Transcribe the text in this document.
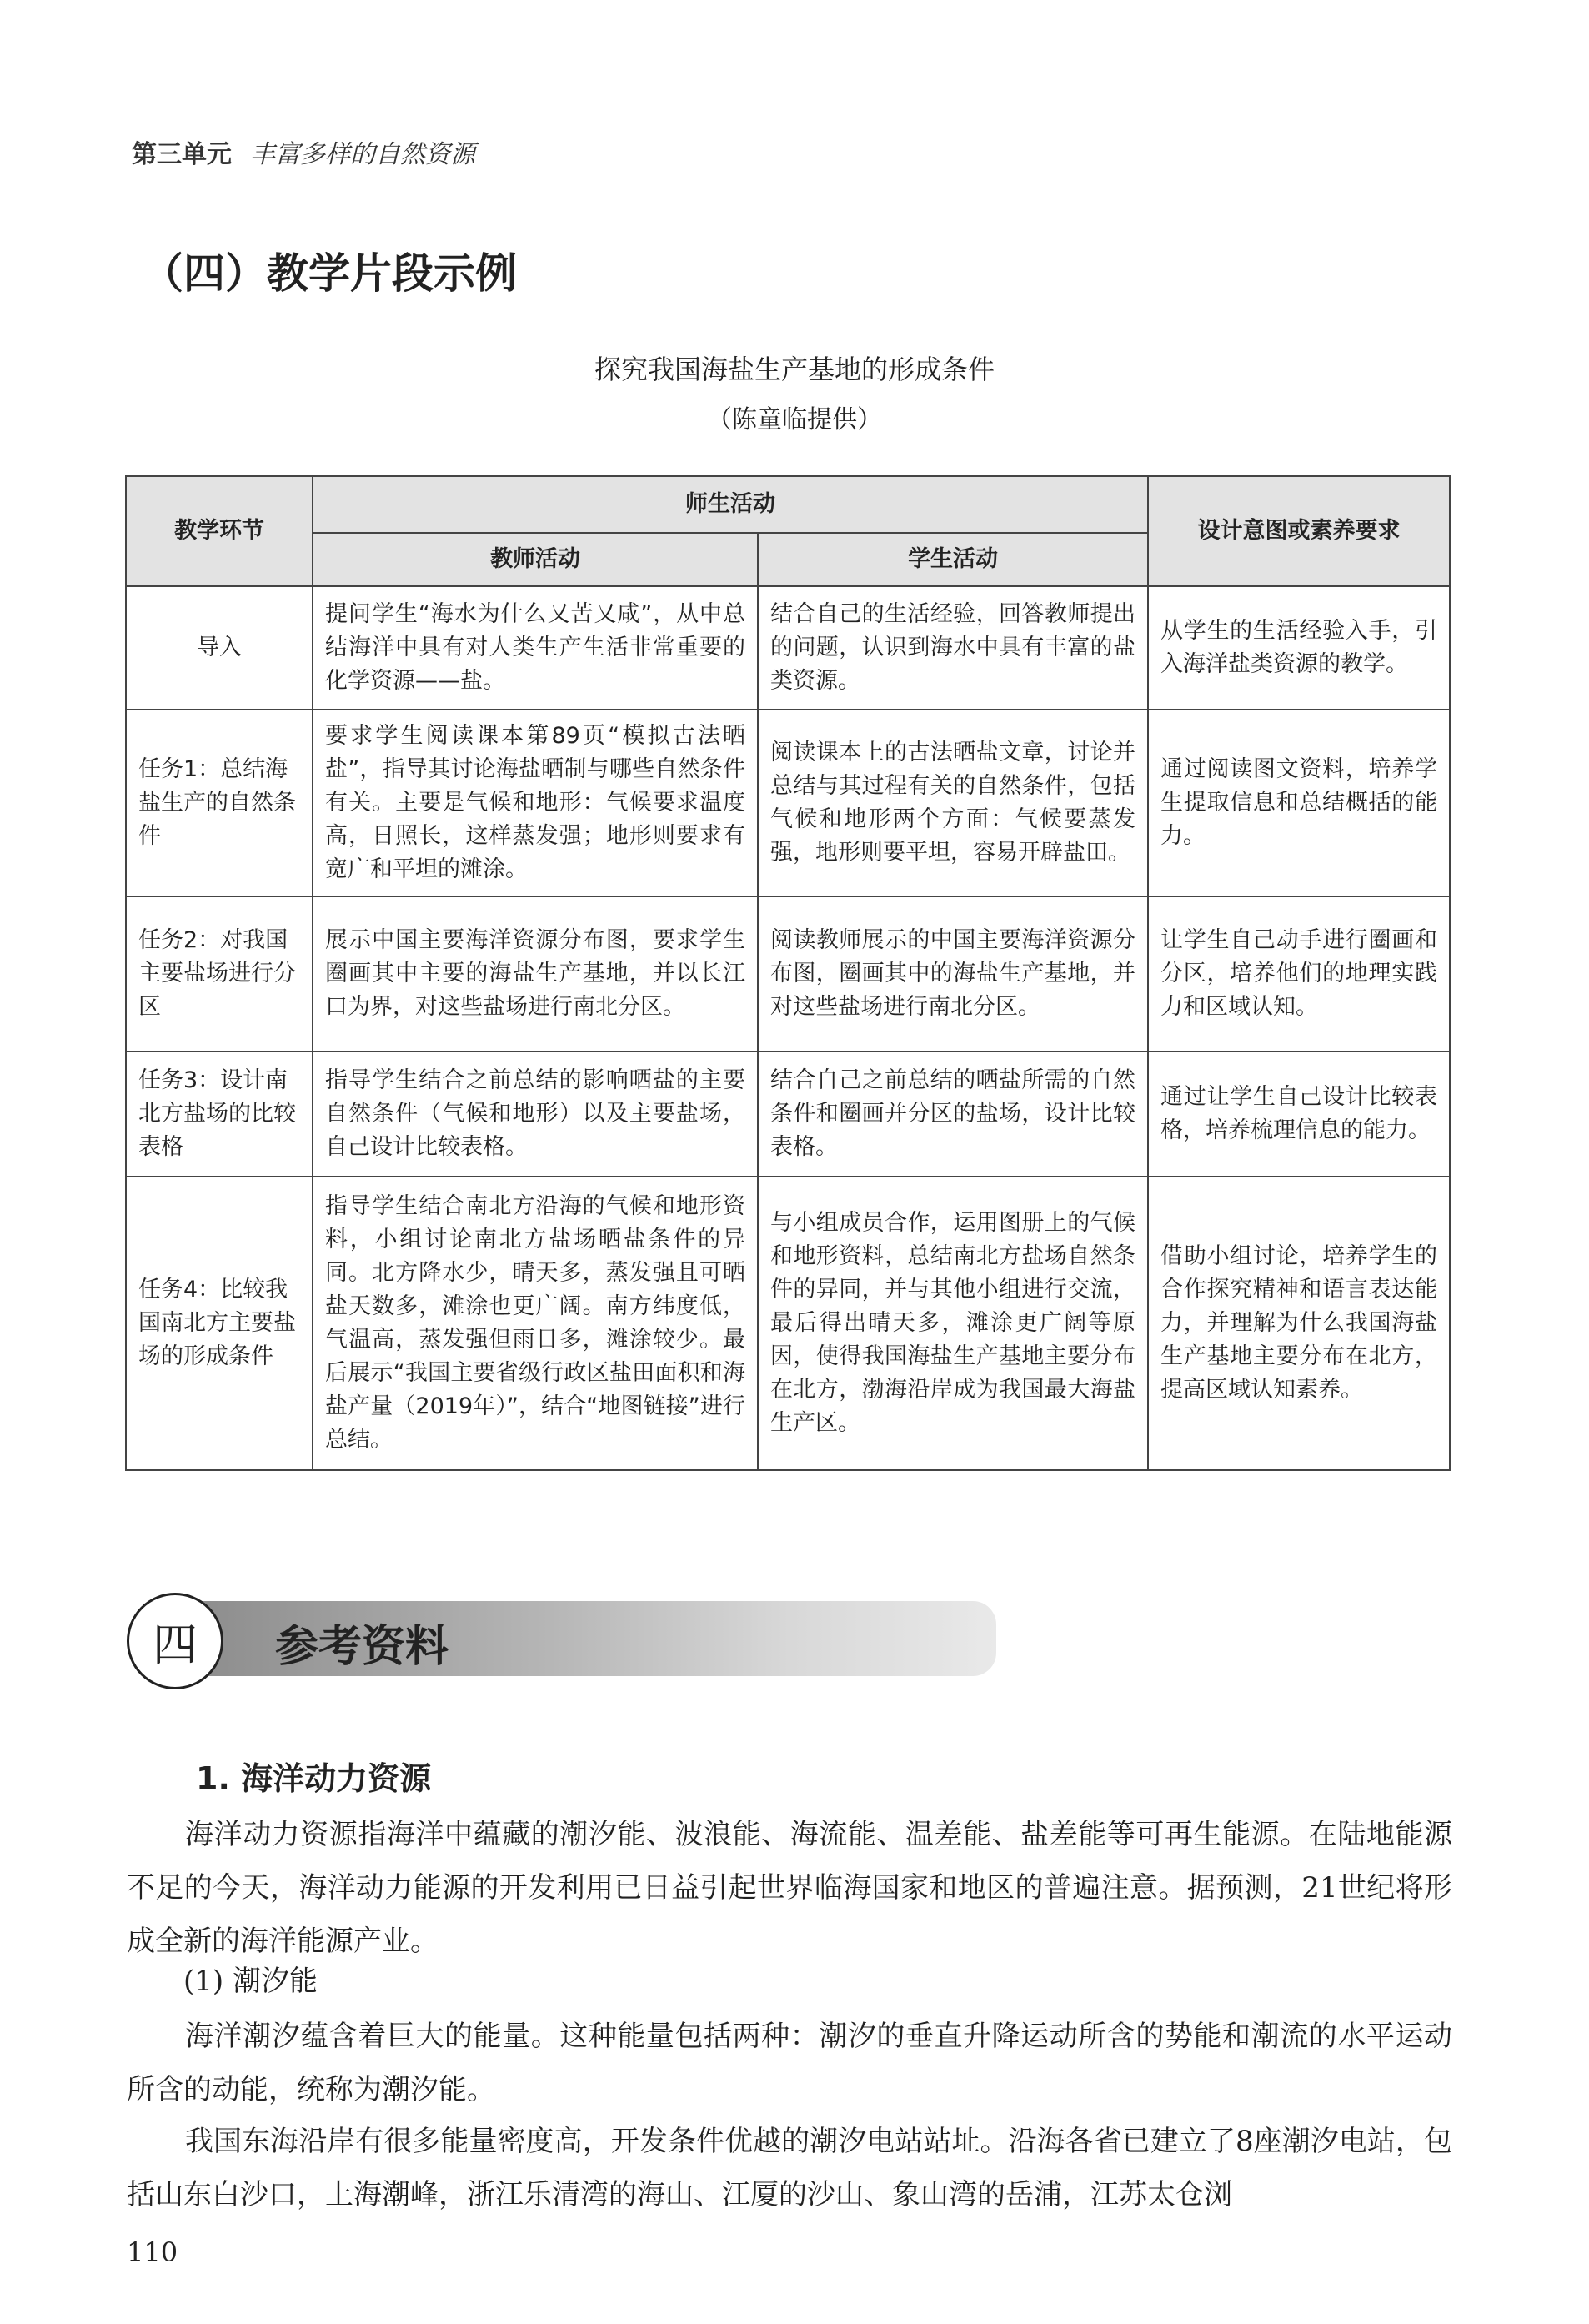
第三单元 丰富多样的自然资源
（四）教学片段示例
探究我国海盐生产基地的形成条件
（陈童临提供）
教学环节	师生活动		设计意图或素养要求
	教师活动	学生活动	
导入	提问学生“海水为什么又苦又咸”，从中总结海洋中具有对人类生产生活非常重要的化学资源——盐。	结合自己的生活经验，回答教师提出的问题，认识到海水中具有丰富的盐类资源。	从学生的生活经验入手，引入海洋盐类资源的教学。
任务1：总结海盐生产的自然条件	要求学生阅读课本第89页“模拟古法晒盐”，指导其讨论海盐晒制与哪些自然条件有关。主要是气候和地形：气候要求温度高，日照长，这样蒸发强；地形则要求有宽广和平坦的滩涂。	阅读课本上的古法晒盐文章，讨论并总结与其过程有关的自然条件，包括气候和地形两个方面：气候要蒸发强，地形则要平坦，容易开辟盐田。	通过阅读图文资料，培养学生提取信息和总结概括的能力。
任务2：对我国主要盐场进行分区	展示中国主要海洋资源分布图，要求学生圈画其中主要的海盐生产基地，并以长江口为界，对这些盐场进行南北分区。	阅读教师展示的中国主要海洋资源分布图，圈画其中的海盐生产基地，并对这些盐场进行南北分区。	让学生自己动手进行圈画和分区，培养他们的地理实践力和区域认知。
任务3：设计南北方盐场的比较表格	指导学生结合之前总结的影响晒盐的主要自然条件（气候和地形）以及主要盐场，自己设计比较表格。	结合自己之前总结的晒盐所需的自然条件和圈画并分区的盐场，设计比较表格。	通过让学生自己设计比较表格，培养梳理信息的能力。
任务4：比较我国南北方主要盐场的形成条件	指导学生结合南北方沿海的气候和地形资料，小组讨论南北方盐场晒盐条件的异同。北方降水少，晴天多，蒸发强且可晒盐天数多，滩涂也更广阔。南方纬度低，气温高，蒸发强但雨日多，滩涂较少。最后展示“我国主要省级行政区盐田面积和海盐产量（2019年）”，结合“地图链接”进行总结。	与小组成员合作，运用图册上的气候和地形资料，总结南北方盐场自然条件的异同，并与其他小组进行交流，最后得出晴天多，滩涂更广阔等原因，使得我国海盐生产基地主要分布在北方，渤海沿岸成为我国最大海盐生产区。	借助小组讨论，培养学生的合作探究精神和语言表达能力，并理解为什么我国海盐生产基地主要分布在北方，提高区域认知素养。
四	参考资料
1. 海洋动力资源
海洋动力资源指海洋中蕴藏的潮汐能、波浪能、海流能、温差能、盐差能等可再生能源。在陆地能源不足的今天，海洋动力能源的开发利用已日益引起世界临海国家和地区的普遍注意。据预测，21世纪将形成全新的海洋能源产业。
(1) 潮汐能
海洋潮汐蕴含着巨大的能量。这种能量包括两种：潮汐的垂直升降运动所含的势能和潮流的水平运动所含的动能，统称为潮汐能。
我国东海沿岸有很多能量密度高，开发条件优越的潮汐电站站址。沿海各省已建立了8座潮汐电站，包括山东白沙口，上海潮峰，浙江乐清湾的海山、江厦的沙山、象山湾的岳浦，江苏太仓浏
110
